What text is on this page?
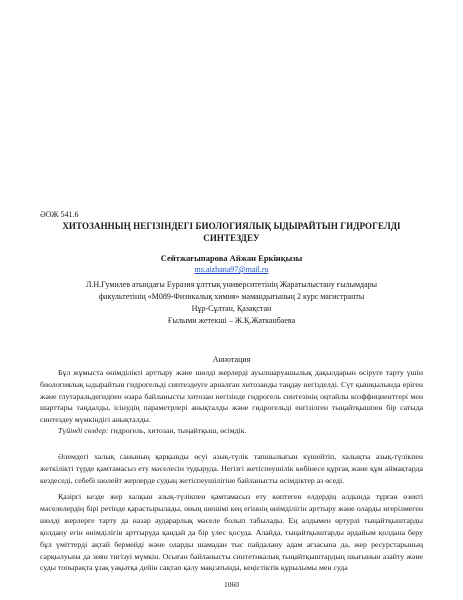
ӘОЖ 541.6
ХИТОЗАННЫҢ НЕГІЗІНДЕГІ БИОЛОГИЯЛЫҚ ЫДЫРАЙТЫН ГИДРОГЕЛДІ
СИНТЕЗДЕУ
Сейтжағыпарова Айжан Еркінқызы
ms.aizhana97@mail.ru
Л.Н.Гумилев атындағы Еуразия ұлттық университетінің Жаратылыстану ғылымдары
факультетінің «М089-Физикалық химия» мамандығының 2 курс магистранты
Нұр-Сұлтан, Қазақстан
Ғылыми жетекші – Ж.Қ.Жатканбаева
Аннотация
Бұл жұмыста өнімділікті арттыру және шөлді жерлерді ауылшаруашылық дақылдарын өсіруге тарту үшін биологиялық ыдырайтын гидрогельді синтездеуге арналған хитозанды таңдау негізделді. Сүт қышқылында еріген және глутаральдегидпен өзара байланысты хитозан негізінде гидрогель синтезінің оңтайлы коэффициенттері мен шарттары таңдалды, ісінудің параметрлері анықталды және гидрогельді енгізілген тыңайтқышпен бір сатыда синтездеу мүмкіндігі анықталды.
Түйінді сөздер: гидрогель, хитозан, тыңайтқыш, өсімдік.
Әлемдегі халық санының қарқынды өсуі азық-түлік тапшылығын күшейтіп, халықты азық-түлікпен жеткілікті түрде қамтамасыз ету мәселесін тудыруда. Негізгі жетіспеушілік көбінесе құрғақ және құм аймақтарда кездеседі, себебі шөлейт жерлерде судың жетіспеушілігіне байланысты өсімдіктер аз өседі.
Қазіргі кезде жер халқын азық-түлікпен қамтамасыз ету көптеген елдердің алдында тұрған өзекті мәселелердің бірі ретінде қарастырылады, оның шешімі кең егіннің өнімділігін арттыру және оларды игерілмеген шөлді жерлерге тарту да назар аударарлық мәселе болып табылады. Ең алдымен өртурлі тыңайтқыштарды қолдану егін өнімділігін арттыруда қандай да бір үлес қосуда. Алайда, тыңайтқыштарды әрдайым қолдана беру бұл үміттерді ақтай бермейді және оларды шамадан тыс пайдалану адам ағзасына да, жер ресурстарының сарқылуына да зиян тигізуі мүмкін. Осыған байланысты синтетикалық тыңайтқыштардың шығынын азайту және суды топырақта ұзақ уақытқа дейін сақтап қалу мақсатында, кеңістіктік құрылымы мен суда
1060
